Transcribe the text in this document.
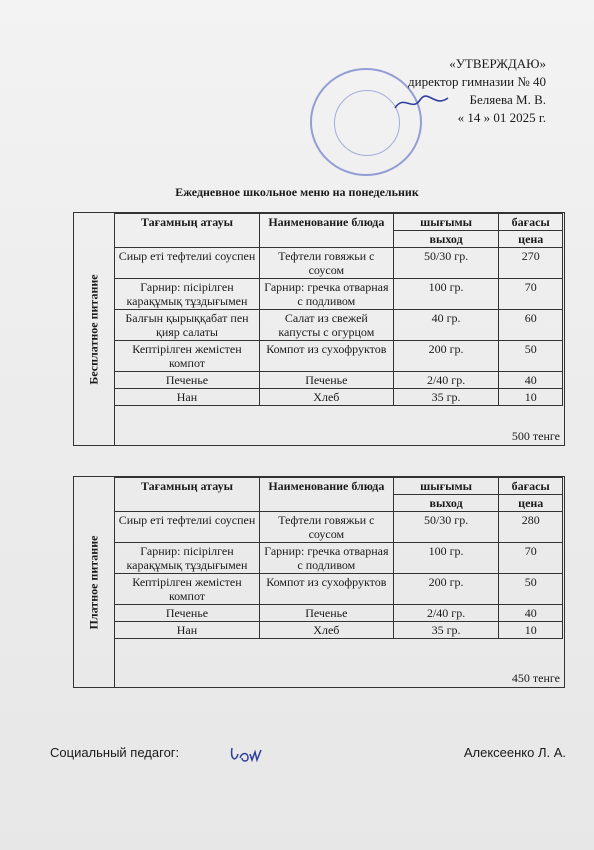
«УТВЕРЖДАЮ»
директор гимназии № 40
Беляева М. В.
« 14 » 01 2025 г.
Ежедневное школьное меню на понедельник
Бесплатное питание
Тағамның атауы	Наименование блюда	шығымы	бағасы
		выход	цена
Сиыр еті тефтелиі соуспен	Тефтели говяжьи с соусом	50/30 гр.	270
Гарнир: пісірілген карақұмық тұздығымен	Гарнир: гречка отварная с подливом	100 гр.	70
Балғын қырыққабат пен қияр салаты	Салат из свежей капусты с огурцом	40 гр.	60
Кептірілген жемістен компот	Компот из сухофруктов	200 гр.	50
Печенье	Печенье	2/40 гр.	40
Нан	Хлеб	35 гр.	10
500 тенге
Платное питание
Тағамның атауы	Наименование блюда	шығымы	бағасы
		выход	цена
Сиыр еті тефтелиі соуспен	Тефтели говяжьи с соусом	50/30 гр.	280
Гарнир: пісірілген карақұмық тұздығымен	Гарнир: гречка отварная с подливом	100 гр.	70
Кептірілген жемістен компот	Компот из сухофруктов	200 гр.	50
Печенье	Печенье	2/40 гр.	40
Нан	Хлеб	35 гр.	10
450 тенге
Социальный педагог:	Алексеенко Л. А.
